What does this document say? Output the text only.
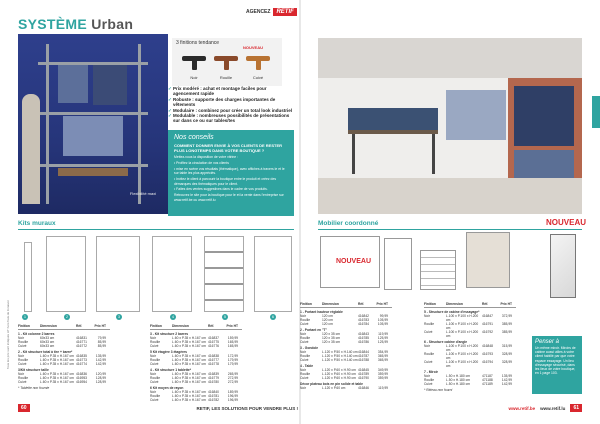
SYSTÈME Urban
Flexibilité maxi
3 finitions tendance
NOUVEAU
Noir	Rouille	Cuivé
✓ Prix modéré : achat et montage faciles pour agencement rapide
✓ Robuste : supporte des charges importantes de vêtements
✓ Modulaire : combinez pour créer un total look industriel
✓ Modulable : nombreuses possibilités de présentations sur dans ce ou sur tables/tes
Nos conseils
COMMENT DONNER ENVIE À VOS CLIENTS DE RESTER PLUS LONGTEMPS DANS VOTRE BOUTIQUE ?

Mettez-vous la disposition de votre vitrine :

• Profitez la circulation de vos clients

• mise en scène vos résultats (thématique), avec affiches à travers le et le sur table les plus appréciés.

• Invitez le client à parcourir la boutique entre le produit et créez des démarques des thématiques pour le client.

• Faites des ventes suggestives dans le cadre de vos produits.

Retrouvez le site pour la boutique pour le et la vente dans l'entreprise sur www.retif.be ou www.retif.lu

Kits muraux
1	2	3	4	5	6
Finition	Dimension	Réf.	Prix HT
1 - Kit colonne 2 barres
Noir	60x33 cm	416831	79,99
Rouille	60x33 cm	416771	85,99
Cuivé	60x33 cm	416772	85,99
2 - Kit structure total à tire + barre*
Noir	L.60 x P.35 x H.167 cm 416835	135,99
Rouille	L.60 x P.35 x H.167 cm 416773	142,99
Cuivé	L.60 x P.35 x H.167 cm 416774	142,99
3/Kit structure taille
Noir	L.60 x P.35 x H.167 cm 416836	120,99
Rouille	L.60 x P.35 x H.167 cm 416953	128,99
Cuivé	L.60 x P.35 x H.167 cm 416954	128,99
* Tablette non fournie
Finition	Dimension	Réf.	Prix HT
3 - Kit structure 2 barres
Noir	L.60 x P.35 x H.167 cm 416837	159,99
Rouille	L.60 x P.35 x H.167 cm 416775	165,99
Cuivé	L.60 x P.35 x H.167 cm 416776	165,99
5 Kit étagère 3 étagères
Noir	L.60 x P.35 x H.167 cm 416838	172,99
Rouille	L.60 x P.35 x H.167 cm 416777	179,99
Cuivé	L.60 x P.35 x H.167 cm 416778	179,99
4 - Kit structure 1 tablette*
Noir	L.60 x P.35 x H.167 cm 416839	265,99
Rouille	L.60 x P.35 x H.167 cm 416779	272,99
Cuivé	L.60 x P.35 x H.167 cm 416780	272,99
6 Kit moyen de rayon
Noir	L.60 x P.35 x H.167 cm 416840	189,99
Rouille	L.60 x P.35 x H.167 cm 416781	196,99
Cuivé	L.60 x P.35 x H.167 cm 416782	196,99
Tous les prix sont indiqués HT hors frais de livraison
60	RETIF, LES SOLUTIONS POUR VENDRE PLUS !
AGENCEZ	RETIF
Mobilier coordonné	NOUVEAU
NOUVEAU
Finition	Dimension	Réf.	Prix HT
1 - Portant hauteur réglable
Noir	120 cm	416842	99,99
Rouille	120 cm	416783	105,99
Cuivé	120 cm	416784	105,99
2 - Portant en "T"
Noir	120 x 35 cm	416843	119,99
Rouille	120 x 35 cm	416785	125,99
Cuivé	120 x 35 cm	416786	125,99
3 - Gondole
Noir	L.120 x P.50 x H.140 cm 416844	354,99
Rouille	L.120 x P.50 x H.140 cm 416787	365,99
Cuivé	L.120 x P.50 x H.140 cm 416788	365,99
4 - Table
Noir	L.120 x P.60 x H.90 cm 416845	349,99
Rouille	L.120 x P.60 x H.90 cm 416789	359,99
Cuivé	L.120 x P.60 x H.90 cm 416790	359,99
Décor plateau bois en pin solide et table
Noir	L.120 x P.60 cm	416846	119,99
Finition	Dimension	Réf.	Prix HT
5 - Structure de cabine d'essayage*
Noir	L.100 x P.100 x H.200 cm
416847	372,99
Rouille	L.100 x P.100 x H.200 cm
416791	385,99
Cuivé	L.100 x P.100 x H.200 cm
416792	385,99
6 - Structure cabine d'angle
Noir	L.100 x P.100 x H.200 cm
416848	315,99
Rouille	L.100 x P.100 x H.200 cm
416793	328,99
Cuivé	L.100 x P.100 x H.200 cm
416794	328,99
7 - Miroir
Noir	L.50 x H.180 cm	471187	135,99
Rouille	L.50 x H.180 cm	471188	142,99
Cuivé	L.50 x H.180 cm	471189	142,99
* Rideau non fourni
Penser à
Un même miroir. Miroirs de cabine aussi utiles à votre client habillé par que votre espace essayage. Un lieu d'essayage sécurisé, dans les lieux de votre boutique, en 1 page 103.
www.retif.be www.retif.lu	61
